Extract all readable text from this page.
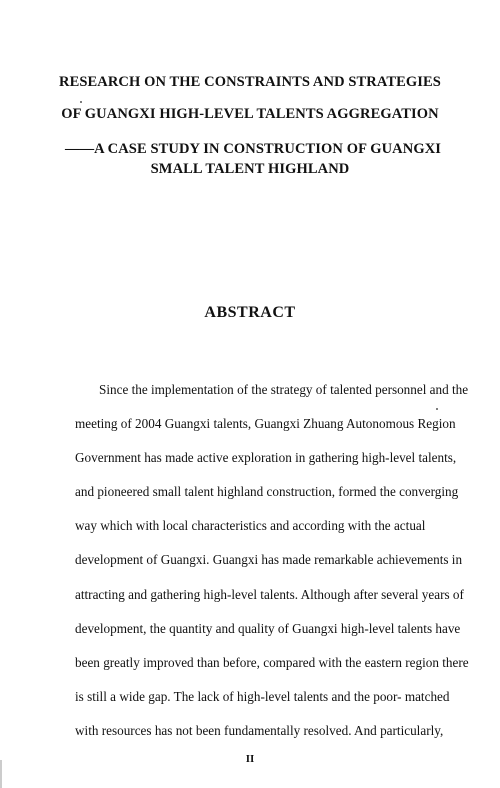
RESEARCH ON THE CONSTRAINTS AND STRATEGIES
OF GUANGXI HIGH-LEVEL TALENTS AGGREGATION
——A CASE STUDY IN CONSTRUCTION OF GUANGXI
SMALL TALENT HIGHLAND
ABSTRACT
Since the implementation of the strategy of talented personnel and the
meeting of 2004 Guangxi talents, Guangxi Zhuang Autonomous Region
Government has made active exploration in gathering high-level talents,
and pioneered small talent highland construction, formed the converging
way which with local characteristics and according with the actual
development of Guangxi. Guangxi has made remarkable achievements in
attracting and gathering high-level talents. Although after several years of
development, the quantity and quality of Guangxi high-level talents have
been greatly improved than before, compared with the eastern region there
is still a wide gap. The lack of high-level talents and the poor- matched
with resources has not been fundamentally resolved. And particularly,
II
